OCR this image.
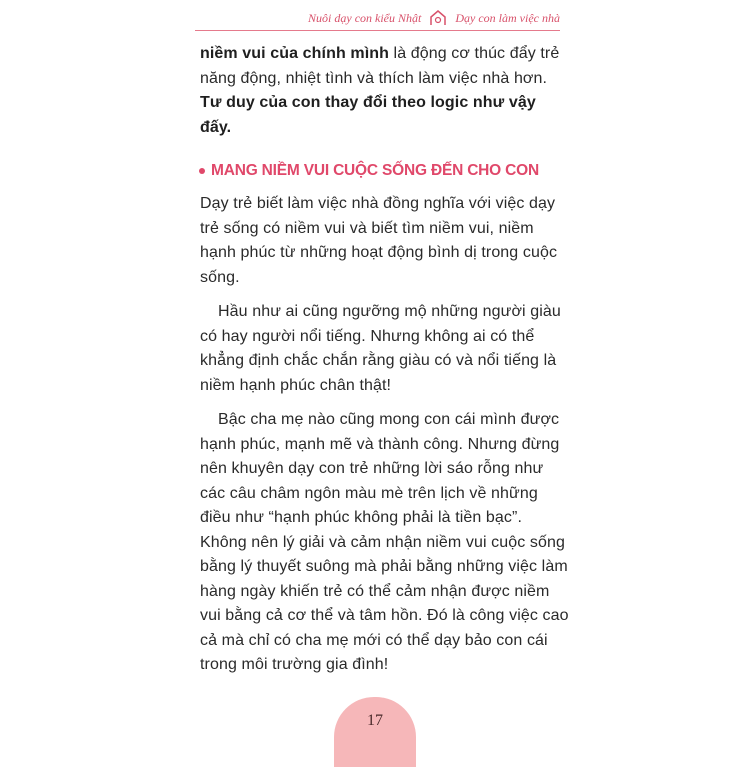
Nuôi dạy con kiểu Nhật	Dạy con làm việc nhà

niềm vui của chính mình là động cơ thúc đẩy trẻ năng động, nhiệt tình và thích làm việc nhà hơn. Tư duy của con thay đổi theo logic như vậy đấy.

MANG NIỀM VUI CUỘC SỐNG ĐẾN CHO CON

Dạy trẻ biết làm việc nhà đồng nghĩa với việc dạy trẻ sống có niềm vui và biết tìm niềm vui, niềm hạnh phúc từ những hoạt động bình dị trong cuộc sống.

Hầu như ai cũng ngưỡng mộ những người giàu có hay người nổi tiếng. Nhưng không ai có thể khẳng định chắc chắn rằng giàu có và nổi tiếng là niềm hạnh phúc chân thật!

Bậc cha mẹ nào cũng mong con cái mình được hạnh phúc, mạnh mẽ và thành công. Nhưng đừng nên khuyên dạy con trẻ những lời sáo rỗng như các câu châm ngôn màu mè trên lịch về những điều như “hạnh phúc không phải là tiền bạc”. Không nên lý giải và cảm nhận niềm vui cuộc sống bằng lý thuyết suông mà phải bằng những việc làm hàng ngày khiến trẻ có thể cảm nhận được niềm vui bằng cả cơ thể và tâm hồn. Đó là công việc cao cả mà chỉ có cha mẹ mới có thể dạy bảo con cái trong môi trường gia đình!

17
